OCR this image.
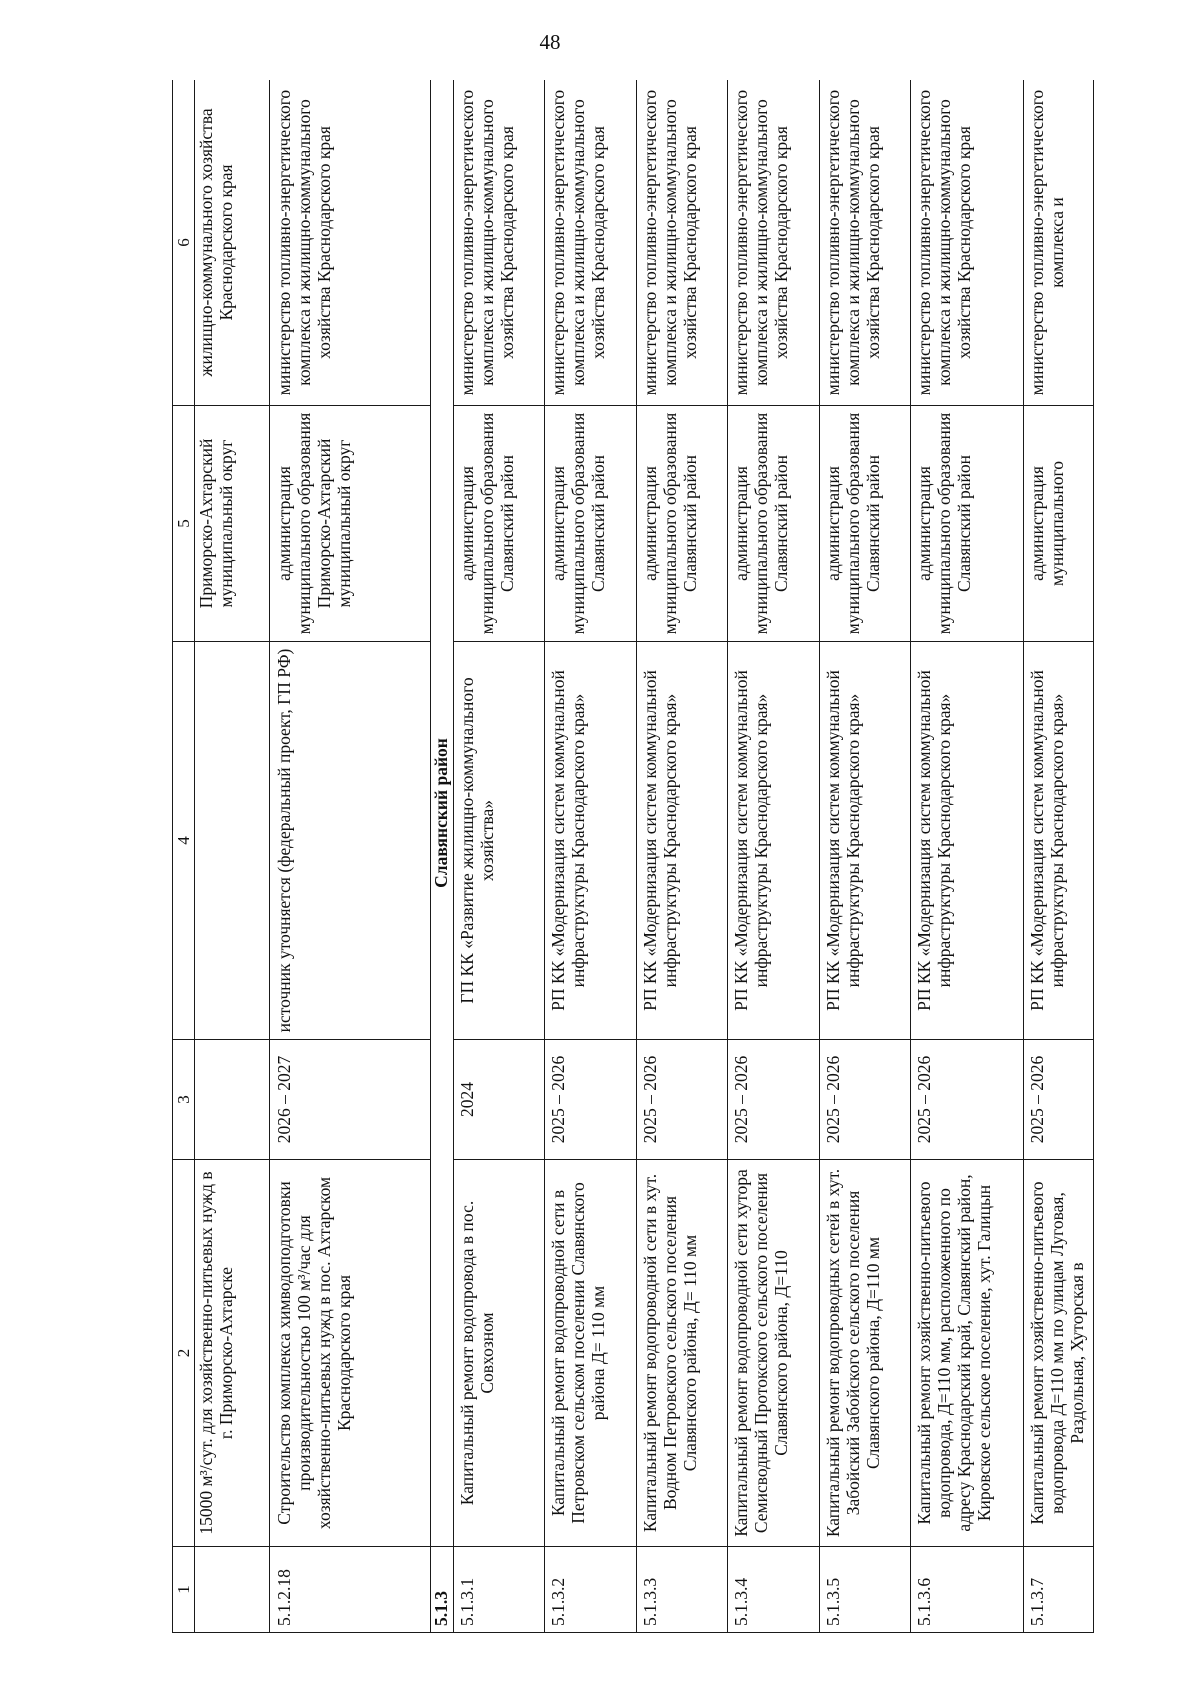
48
1	2	3	4	5	6
	15000 м³/сут. для хозяйственно-питьевых нужд в г. Приморско-Ахтарске			Приморско-Ахтарский муниципальный округ	жилищно-коммунального хозяйства Краснодарского края
5.1.2.18	Строительство комплекса химводоподготовки производительностью 100 м³/час для хозяйственно-питьевых нужд в пос. Ахтарском Краснодарского края	2026 – 2027	источник уточняется (федеральный проект, ГП РФ)	администрация муниципального образования Приморско-Ахтарский муниципальный округ	министерство топливно-энергетического комплекса и жилищно-коммунального хозяйства Краснодарского края
5.1.3	Славянский район				
5.1.3.1	Капитальный ремонт водопровода в пос. Совхозном	2024	ГП КК «Развитие жилищно-коммунального хозяйства»	администрация муниципального образования Славянский район	министерство топливно-энергетического комплекса и жилищно-коммунального хозяйства Краснодарского края
5.1.3.2	Капитальный ремонт водопроводной сети в Петровском сельском поселении Славянского района Д= 110 мм	2025 – 2026	РП КК «Модернизация систем коммунальной инфраструктуры Краснодарского края»	администрация муниципального образования Славянский район	министерство топливно-энергетического комплекса и жилищно-коммунального хозяйства Краснодарского края
5.1.3.3	Капитальный ремонт водопроводной сети в хут. Водном Петровского сельского поселения Славянского района, Д= 110 мм	2025 – 2026	РП КК «Модернизация систем коммунальной инфраструктуры Краснодарского края»	администрация муниципального образования Славянский район	министерство топливно-энергетического комплекса и жилищно-коммунального хозяйства Краснодарского края
5.1.3.4	Капитальный ремонт водопроводной сети хутора Семисводный Протокского сельского поселения Славянского района, Д=110	2025 – 2026	РП КК «Модернизация систем коммунальной инфраструктуры Краснодарского края»	администрация муниципального образования Славянский район	министерство топливно-энергетического комплекса и жилищно-коммунального хозяйства Краснодарского края
5.1.3.5	Капитальный ремонт водопроводных сетей в хут. Забойский Забойского сельского поселения Славянского района, Д=110 мм	2025 – 2026	РП КК «Модернизация систем коммунальной инфраструктуры Краснодарского края»	администрация муниципального образования Славянский район	министерство топливно-энергетического комплекса и жилищно-коммунального хозяйства Краснодарского края
5.1.3.6	Капитальный ремонт хозяйственно-питьевого водопровода, Д=110 мм, расположенного по адресу Краснодарский край, Славянский район, Кировское сельское поселение, хут. Галицын	2025 – 2026	РП КК «Модернизация систем коммунальной инфраструктуры Краснодарского края»	администрация муниципального образования Славянский район	министерство топливно-энергетического комплекса и жилищно-коммунального хозяйства Краснодарского края
5.1.3.7	Капитальный ремонт хозяйственно-питьевого водопровода Д=110 мм по улицам Луговая, Раздольная, Хуторская в	2025 – 2026	РП КК «Модернизация систем коммунальной инфраструктуры Краснодарского края»	администрация муниципального	министерство топливно-энергетического комплекса и
